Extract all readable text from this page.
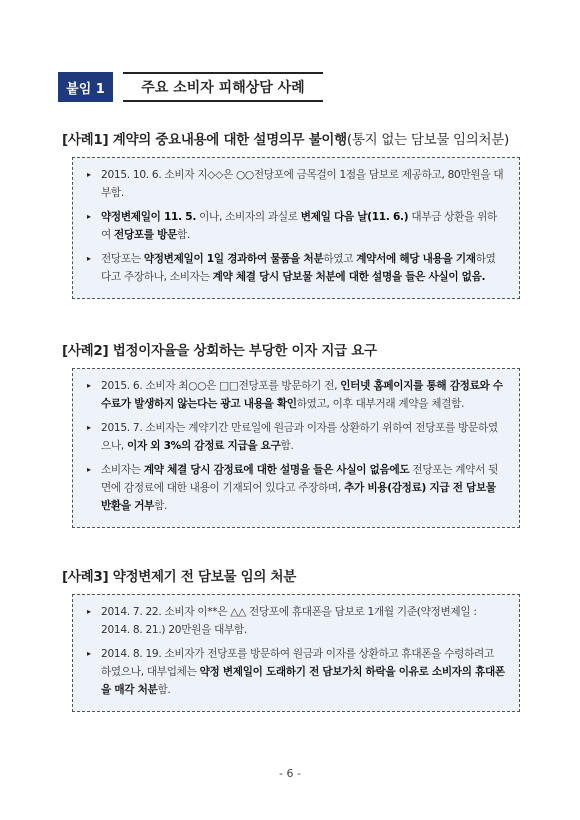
붙임 1	주요 소비자 피해상담 사례
[사례1] 계약의 중요내용에 대한 설명의무 불이행(통지 없는 담보물 임의처분)
▸ 2015. 10. 6. 소비자 지◇◇은 ○○전당포에 금목걸이 1점을 담보로 제공하고, 80만원을 대부함.
▸ 약정변제일이 11. 5. 이나, 소비자의 과실로 변제일 다음 날(11. 6.) 대부금 상환을 위하여 전당포를 방문함.
▸ 전당포는 약정변제일이 1일 경과하여 물품을 처분하였고 계약서에 해당 내용을 기재하였다고 주장하나, 소비자는 계약 체결 당시 담보물 처분에 대한 설명을 들은 사실이 없음.
[사례2] 법정이자율을 상회하는 부당한 이자 지급 요구
▸ 2015. 6. 소비자 최○○은 □□전당포를 방문하기 전, 인터넷 홈페이지를 통해 감정료와 수수료가 발생하지 않는다는 광고 내용을 확인하였고, 이후 대부거래 계약을 체결함.
▸ 2015. 7. 소비자는 계약기간 만료일에 원금과 이자를 상환하기 위하여 전당포를 방문하였으나, 이자 외 3%의 감정료 지급을 요구함.
▸ 소비자는 계약 체결 당시 감정료에 대한 설명을 들은 사실이 없음에도 전당포는 계약서 뒷면에 감정료에 대한 내용이 기재되어 있다고 주장하며, 추가 비용(감정료) 지급 전 담보물 반환을 거부함.
[사례3] 약정변제기 전 담보물 임의 처분
▸ 2014. 7. 22. 소비자 이**은 △△ 전당포에 휴대폰을 담보로 1개월 기준(약정변제일 : 2014. 8. 21.) 20만원을 대부함.
▸ 2014. 8. 19. 소비자가 전당포를 방문하여 원금과 이자를 상환하고 휴대폰을 수령하려고 하였으나, 대부업체는 약정 변제일이 도래하기 전 담보가치 하락을 이유로 소비자의 휴대폰을 매각 처분함.
- 6 -
